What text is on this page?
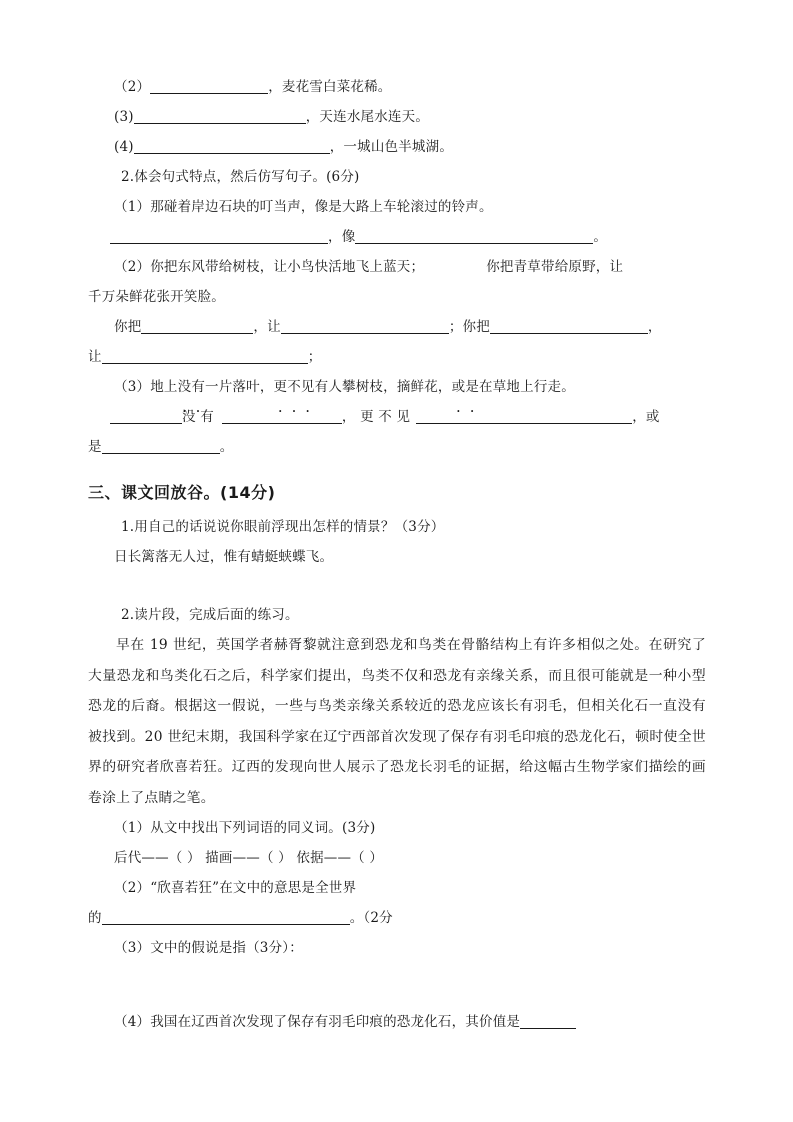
（2）	，麦花雪白菜花稀。
(3)	，天连水尾水连天。
(4)	，一城山色半城湖。
2.体会句式特点，然后仿写句子。(6分)
（1）那碰着岸边石块的叮当声，像是大路上车轮滚过的铃声。
，像	。
（2）你把东风带给树枝，让小鸟快活地飞上蓝天；	你把青草带给原野，让
千万朵鲜花张开笑脸。
你把	，让	；你把	，
让	；
（3）地上没有一片落叶，更不见有人攀树枝，摘鲜花，或是在草地上行走。
没 有	， 更 不 见	，或
是	。
三、课文回放谷。(14分)
1.用自己的话说说你眼前浮现出怎样的情景？（3分）
日长篱落无人过，惟有蜻蜓蛱蝶飞。
2.读片段，完成后面的练习。
早在 19 世纪，英国学者赫胥黎就注意到恐龙和鸟类在骨骼结构上有许多相似之处。在研究了大量恐龙和鸟类化石之后，科学家们提出，鸟类不仅和恐龙有亲缘关系，而且很可能就是一种小型恐龙的后裔。根据这一假说，一些与鸟类亲缘关系较近的恐龙应该长有羽毛，但相关化石一直没有被找到。20 世纪末期，我国科学家在辽宁西部首次发现了保存有羽毛印痕的恐龙化石，顿时使全世界的研究者欣喜若狂。辽西的发现向世人展示了恐龙长羽毛的证据，给这幅古生物学家们描绘的画卷涂上了点睛之笔。
（1）从文中找出下列词语的同义词。(3分)
后代——（ ） 描画——（ ） 依据——（ ）
（2）“欣喜若狂”在文中的意思是全世界
的	。（2分
（3）文中的假说是指（3分）：
（4）我国在辽西首次发现了保存有羽毛印痕的恐龙化石，其价值是
